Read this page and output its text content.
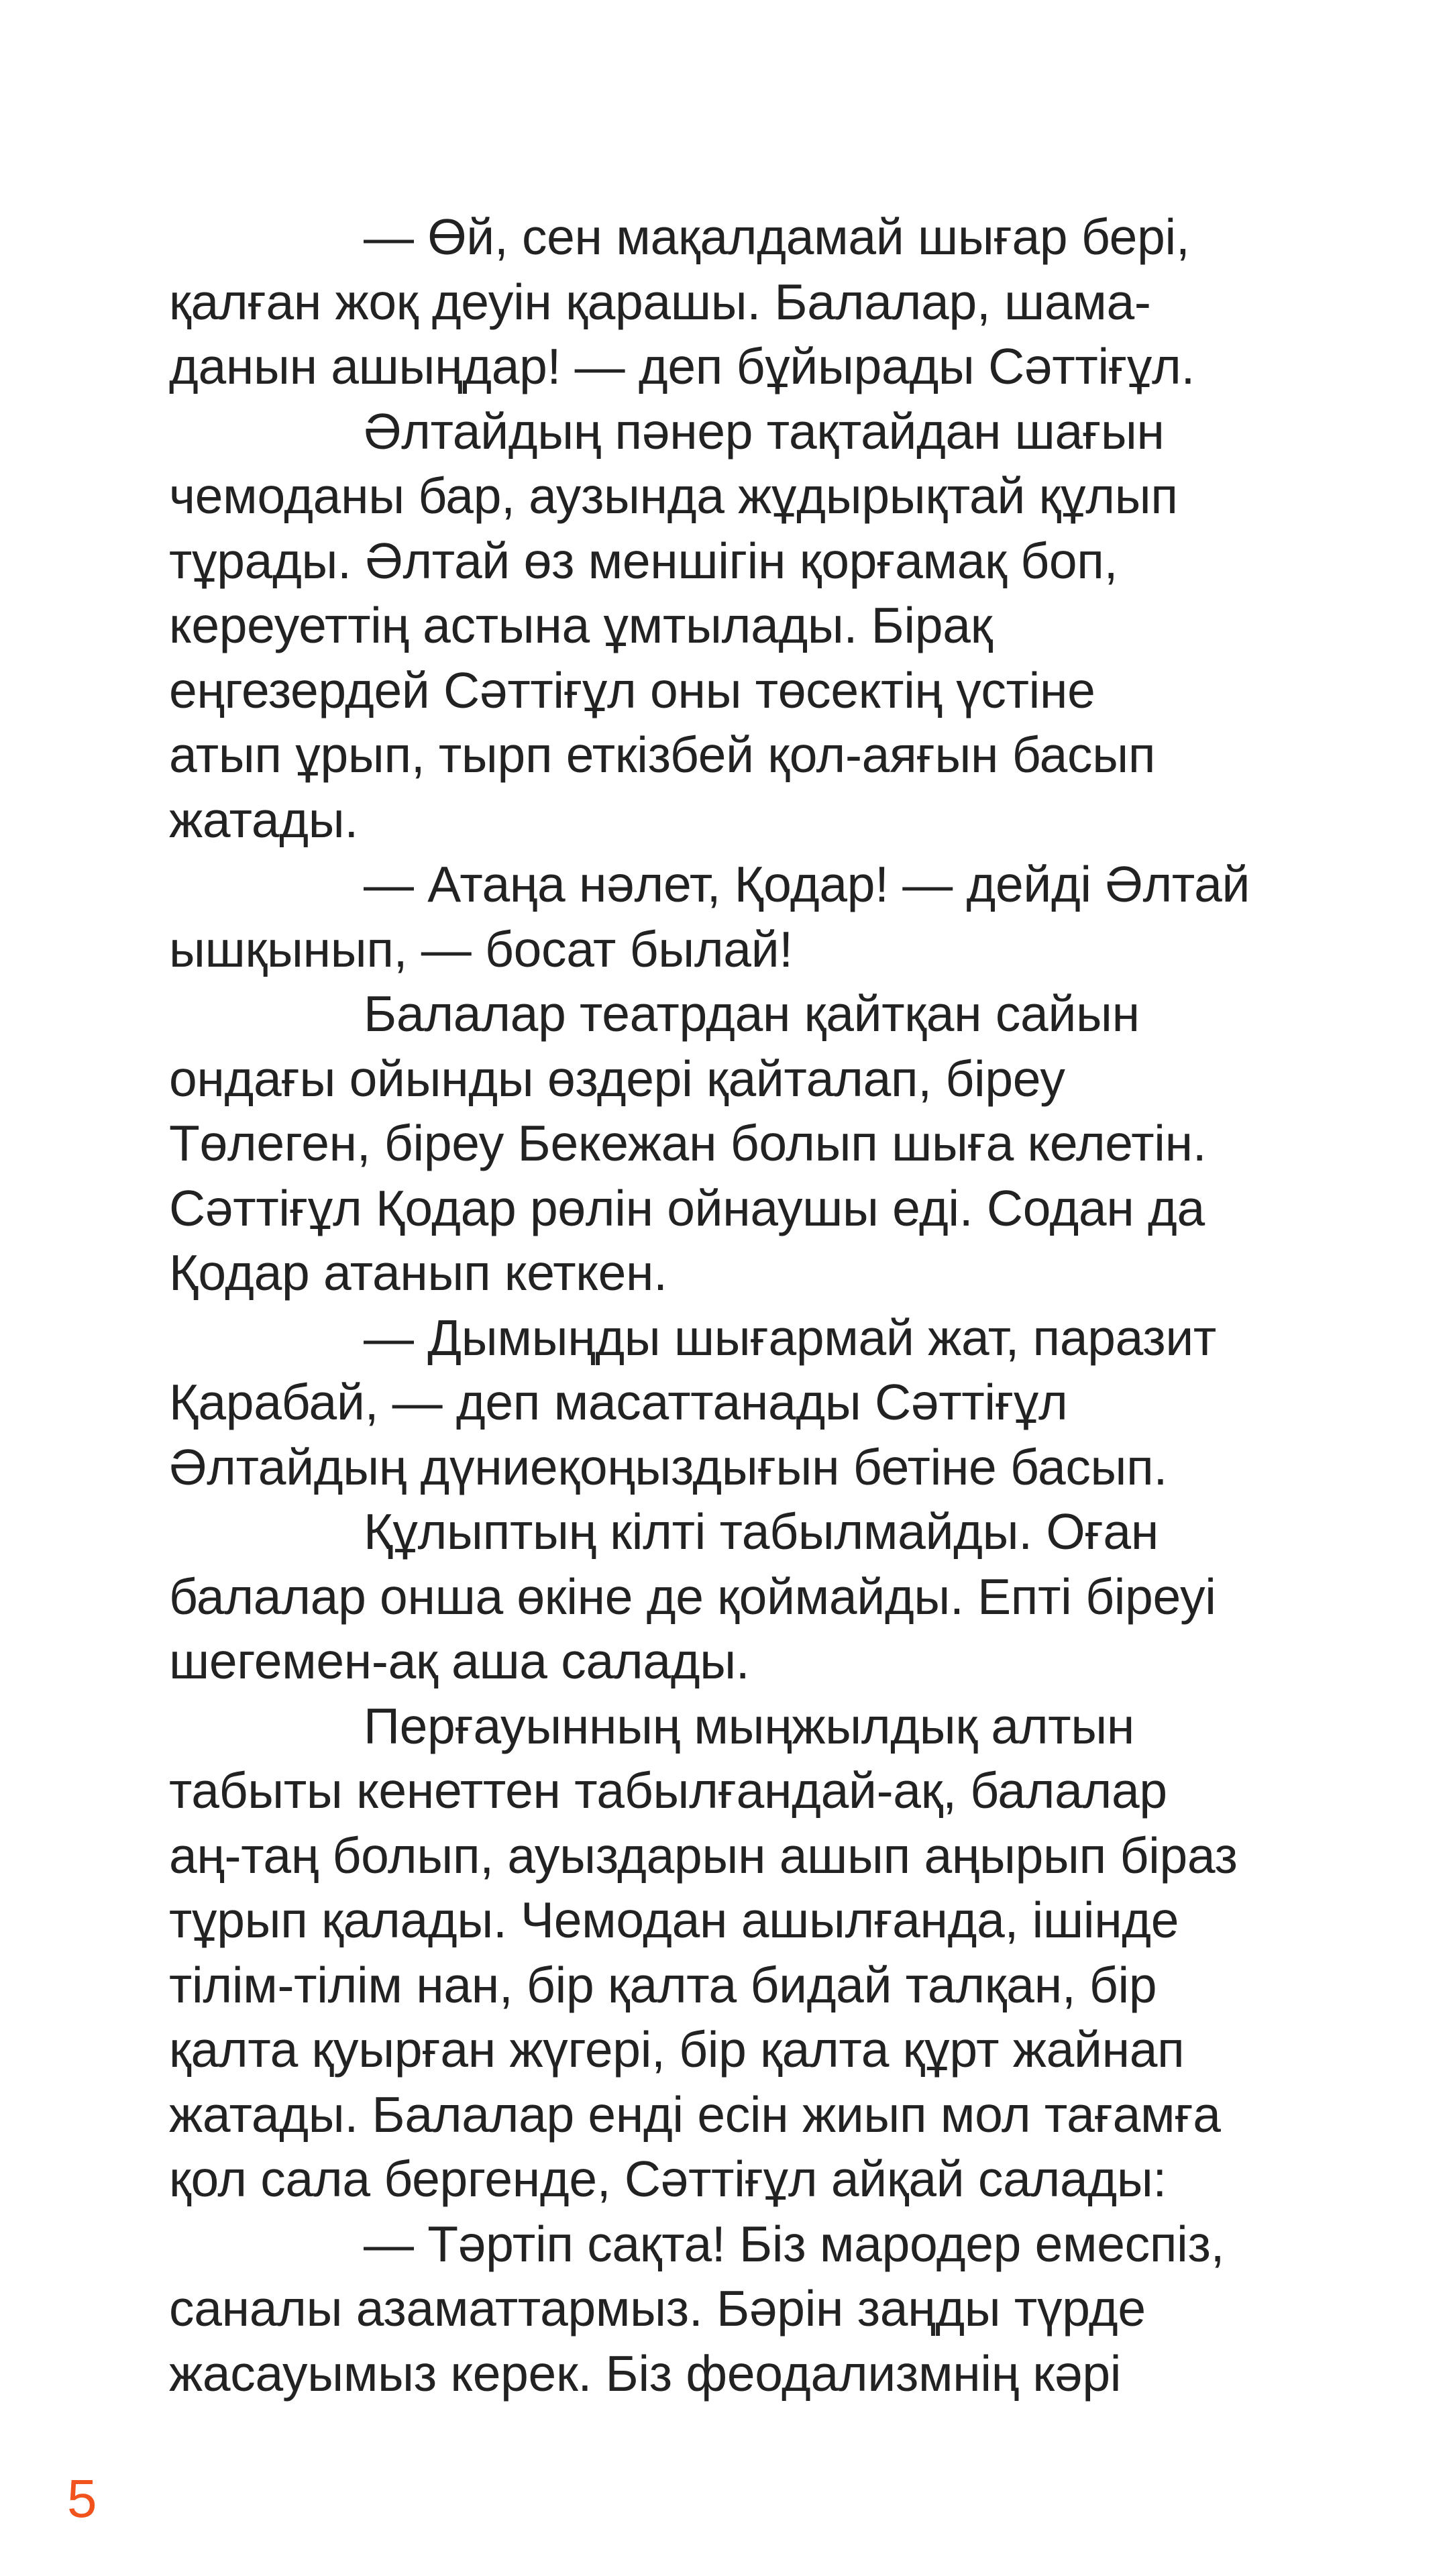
— Өй, сен мақалдамай шығар бері,
қалған жоқ деуін қарашы. Балалар, шама-
данын ашыңдар! — деп бұйырады Сәттіғұл.
Әлтайдың пәнер тақтайдан шағын
чемоданы бар, аузында жұдырықтай құлып
тұрады. Әлтай өз меншігін қорғамақ боп,
кереуеттің астына ұмтылады. Бірақ
еңгезердей Сәттіғұл оны төсектің үстіне
атып ұрып, тырп еткізбей қол-аяғын басып
жатады.
— Атаңа нәлет, Қодар! — дейді Әлтай
ышқынып, — босат былай!
Балалар театрдан қайтқан сайын
ондағы ойынды өздері қайталап, біреу
Төлеген, біреу Бекежан болып шыға келетін.
Сәттіғұл Қодар рөлін ойнаушы еді. Содан да
Қодар атанып кеткен.
— Дымыңды шығармай жат, паразит
Қарабай, — деп масаттанады Сәттіғұл
Әлтайдың дүниеқоңыздығын бетіне басып.
Құлыптың кілті табылмайды. Оған
балалар онша өкіне де қоймайды. Епті біреуі
шегемен-ақ аша салады.
Перғауынның мыңжылдық алтын
табыты кенеттен табылғандай-ақ, балалар
аң-таң болып, ауыздарын ашып аңырып біраз
тұрып қалады. Чемодан ашылғанда, ішінде
тілім-тілім нан, бір қалта бидай талқан, бір
қалта қуырған жүгері, бір қалта құрт жайнап
жатады. Балалар енді есін жиып мол тағамға
қол сала бергенде, Сәттіғұл айқай салады:
— Тәртіп сақта! Біз мародер емеспіз,
саналы азаматтармыз. Бәрін заңды түрде
жасауымыз керек. Біз феодализмнің кәрі
5
